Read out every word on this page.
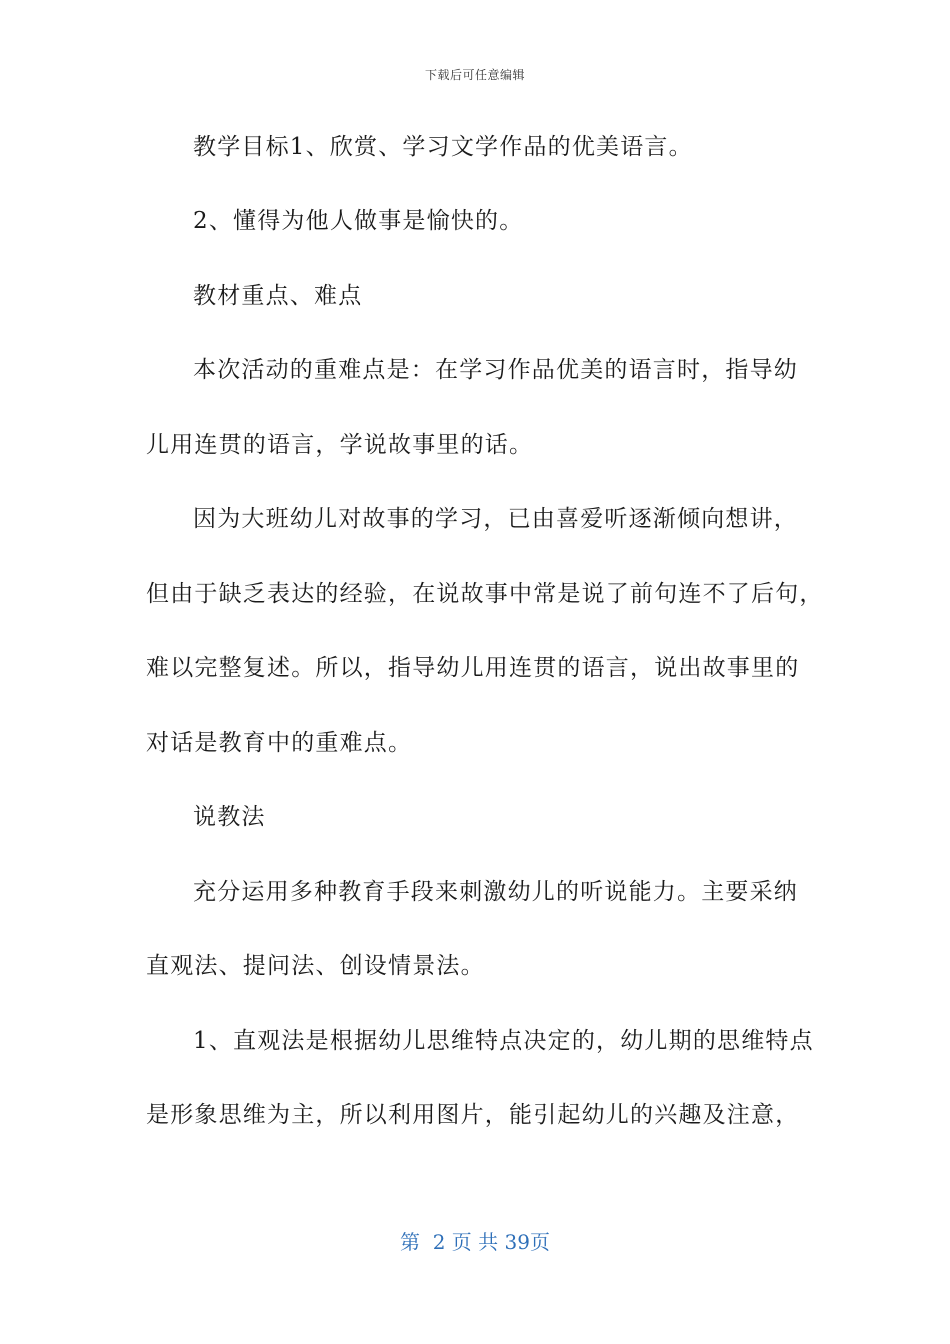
下载后可任意编辑
教学目标1、欣赏、学习文学作品的优美语言。
2、懂得为他人做事是愉快的。
教材重点、难点
本次活动的重难点是：在学习作品优美的语言时，指导幼
儿用连贯的语言，学说故事里的话。
因为大班幼儿对故事的学习，已由喜爱听逐渐倾向想讲，
但由于缺乏表达的经验，在说故事中常是说了前句连不了后句，
难以完整复述。所以，指导幼儿用连贯的语言，说出故事里的
对话是教育中的重难点。
说教法
充分运用多种教育手段来刺激幼儿的听说能力。主要采纳
直观法、提问法、创设情景法。
1、直观法是根据幼儿思维特点决定的，幼儿期的思维特点
是形象思维为主，所以利用图片，能引起幼儿的兴趣及注意，
第  2 页 共 39页
